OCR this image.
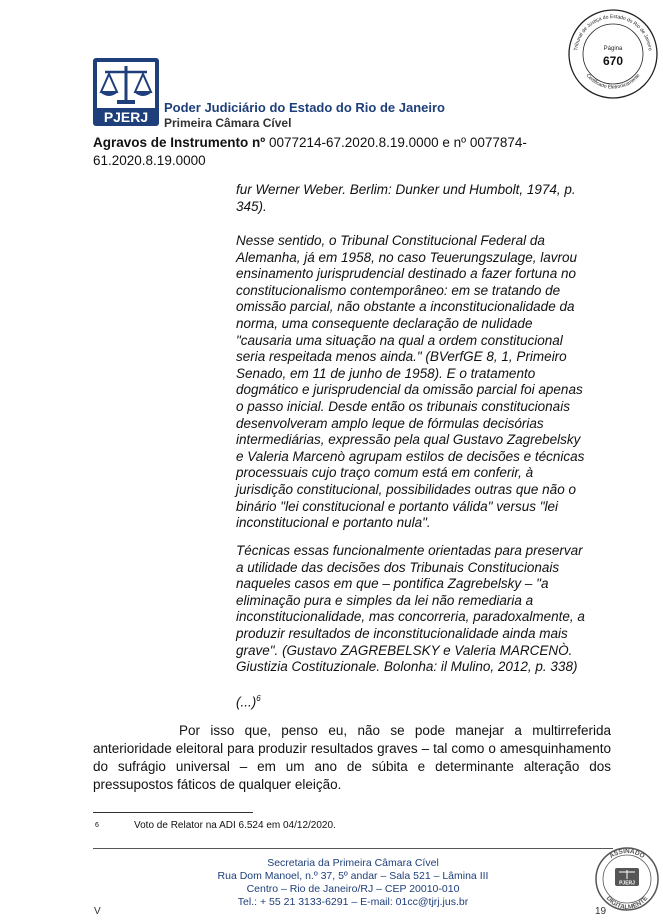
PJERJ
Poder Judiciário do Estado do Rio de Janeiro
Primeira Câmara Cível
Tribunal de Justiça do Estado do Rio de Janeiro
Certificado Eletronicamente
Página
670
Agravos de Instrumento nº 0077214-67.2020.8.19.0000 e nº 0077874-
61.2020.8.19.0000
fur Werner Weber. Berlim: Dunker und Humbolt, 1974, p.
345).
Nesse sentido, o Tribunal Constitucional Federal da
Alemanha, já em 1958, no caso Teuerungszulage, lavrou
ensinamento jurisprudencial destinado a fazer fortuna no
constitucionalismo contemporâneo: em se tratando de
omissão parcial, não obstante a inconstitucionalidade da
norma, uma consequente declaração de nulidade
"causaria uma situação na qual a ordem constitucional
seria respeitada menos ainda." (BVerfGE 8, 1, Primeiro
Senado, em 11 de junho de 1958). E o tratamento
dogmático e jurisprudencial da omissão parcial foi apenas
o passo inicial. Desde então os tribunais constitucionais
desenvolveram amplo leque de fórmulas decisórias
intermediárias, expressão pela qual Gustavo Zagrebelsky
e Valeria Marcenò agrupam estilos de decisões e técnicas
processuais cujo traço comum está em conferir, à
jurisdição constitucional, possibilidades outras que não o
binário "lei constitucional e portanto válida" versus "lei
inconstitucional e portanto nula".
Técnicas essas funcionalmente orientadas para preservar
a utilidade das decisões dos Tribunais Constitucionais
naqueles casos em que – pontifica Zagrebelsky – "a
eliminação pura e simples da lei não remediaria a
inconstitucionalidade, mas concorreria, paradoxalmente, a
produzir resultados de inconstitucionalidade ainda mais
grave". (Gustavo ZAGREBELSKY e Valeria MARCENÒ.
Giustizia Costituzionale. Bolonha: il Mulino, 2012, p. 338)
(...)$^6$

Por isso que, penso eu, não se pode manejar a multirreferida anterioridade eleitoral para produzir resultados graves – tal como o amesquinhamento do sufrágio universal – em um ano de súbita e determinante alteração dos pressupostos fáticos de qualquer eleição.

6	Voto de Relator na ADI 6.524 em 04/12/2020.
Secretaria da Primeira Câmara Cível
Rua Dom Manoel, n.º 37, 5º andar – Sala 521 – Lâmina III
Centro – Rio de Janeiro/RJ – CEP 20010-010
Tel.: + 55 21 3133-6291 – E-mail: 01cc@tjrj.jus.br
ASSINADO
DIGITALMENTE
PJERJ
V	19
